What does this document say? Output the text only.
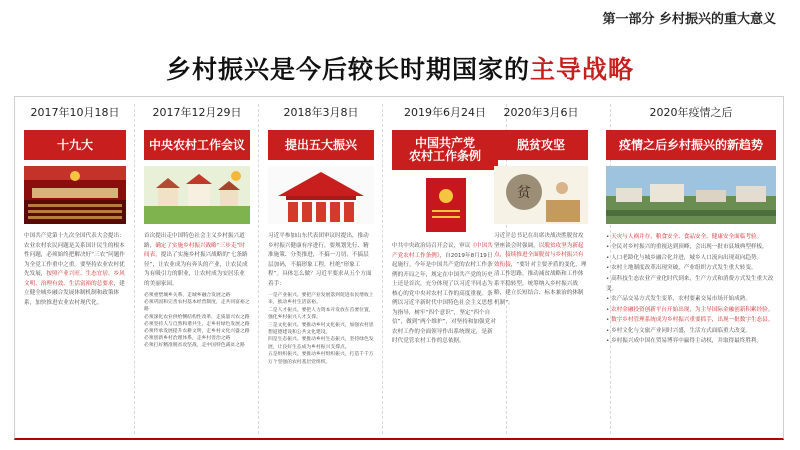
第一部分 乡村振兴的重大意义
乡村振兴是今后较长时期国家的主导战略
2017年10月18日
十九大
中国共产党第十九次全国代表大会提出：农业农村农民问题是关系国计民生的根本性问题，必须始终把解决好“三农”问题作为全党工作重中之重。要坚持农业农村优先发展，按照产业兴旺、生态宜居、乡风文明、治理有效、生活富裕的总要求，建立健全城乡融合发展体制机制和政策体系，加快推进农业农村现代化。
2017年12月29日
中央农村工作会议
首次提出走中国特色社会主义乡村振兴道路，确定了实施乡村振兴战略“三步走”时间表，提出了实施乡村振兴战略的“七条路径”，让农业成为有奔头的产业，让农民成为有吸引力的职业，让农村成为安居乐业的美丽家园。
必须重塑城乡关系，走城乡融合发展之路
必须巩固和完善农村基本经营制度，走共同富裕之路
必须深化农业供给侧结构性改革，走质量兴农之路
必须坚持人与自然和谐共生，走乡村绿色发展之路
必须传承发展提升农耕文明，走乡村文化兴盛之路
必须创新乡村治理体系，走乡村善治之路
必须打好精准脱贫攻坚战，走中国特色减贫之路
2018年3月8日
提出五大振兴
习近平参加山东代表团审议时提出，推动乡村振兴健康有序进行，要规划先行、精准施策、分类推进，不搞一刀切，不搞层层加码，不搞形象工程，杜绝“形象工程”。具体怎么做？习近平要求从五个方面着手：
一是产业振兴。要把产业发展落到促进农民增收上来，推动乡村生活富裕。
二是人才振兴。要把人力资本开发放在首要位置，强化乡村振兴人才支撑。
三是文化振兴。要推动乡村文化振兴，加强农村思想道德建设和公共文化建设。
四是生态振兴。要推动乡村生态振兴，坚持绿色发展，让良好生态成为乡村振兴支撑点。
五是组织振兴。要推动乡村组织振兴，打造千千万万个坚强的农村基层党组织。
2019年6月24日
中国共产党
农村工作条例
中共中央政治局召开会议，审议《中国共产党农村工作条例》，自2019年8月19日起施行。今年是中国共产党的农村工作条例的开局之年，规定在中国共产党的历史上还是首次，充分体现了以习近平同志为核心的党中央对农村工作的高度重视。条例以习近平新时代中国特色社会主义思想为指导，树牢“四个意识”，坚定“四个自信”，做到“两个维护”，对坚持和加强党对农村工作的全面领导作出系统规定，是新时代党管农村工作的总依据。
2020年3月6日
脱贫攻坚
贫
习近平总书记在出席决战决胜脱贫攻坚座谈会时强调，以脱贫攻坚为新起点，接续推进全面脱贫与乡村振兴有效衔接，“要针对主要矛盾的变化，理清工作思路，推动减贫战略和工作体系平稳转型，统筹纳入乡村振兴战略，建立长短结合、标本兼治的体制机制”。
2020年疫情之后
疫情之后乡村振兴的新趋势
• 天灾与人祸并存，粮食安全、食品安全、健康安全面临考验。
• 全民对乡村振兴的重视达到顶峰，会出现一批市县域典型样板。
• 人口老龄化与城乡融合化并进，城乡人口流向出现双向趋势。
• 农村土地制度改革出现突破，产业组织方式发生重大转变。
• 高科技生态农业产业化时代到来，生产方式和消费方式发生重大改变。
• 农产品交易方式发生变革，农村要素交易市场开始成熟。
• 农村金融投资创新平台开始出现，为主导国际金融创新积累经验。
• 数字乡村管理系统成为乡村振兴重要抓手，出现一批数字生态县。
• 乡村文化与文旅产业同时兴盛，生活方式面临重大改变。
• 乡村振兴成中国在贸易博弈中赢得主动权，并取得最终胜利。
